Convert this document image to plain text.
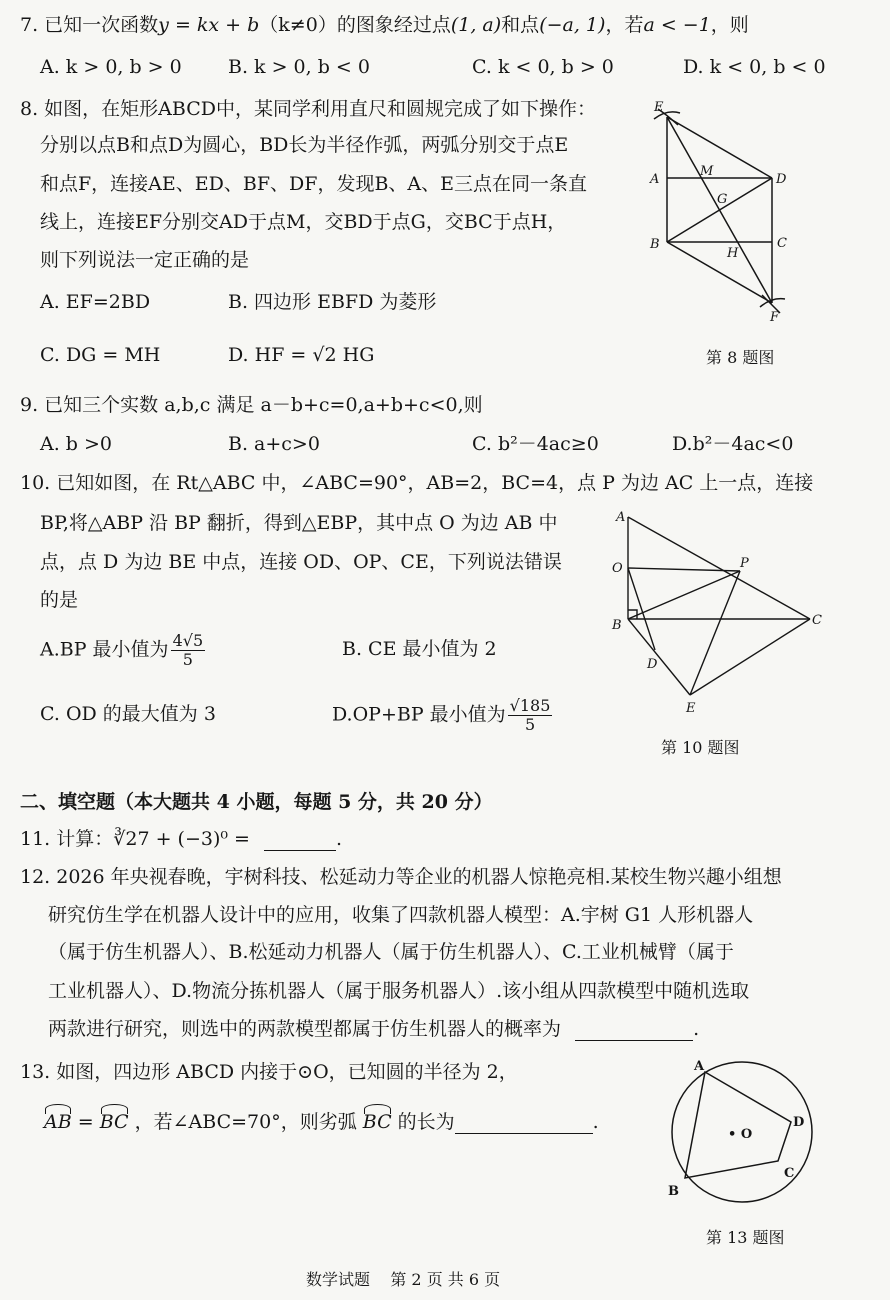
7. 已知一次函数y = kx + b（k≠0）的图象经过点(1, a)和点(−a, 1)，若a < −1，则
A. k > 0, b > 0 B. k > 0, b < 0	C. k < 0, b > 0	D. k < 0, b < 0
8. 如图，在矩形ABCD中，某同学利用直尺和圆规完成了如下操作：
分别以点B和点D为圆心，BD长为半径作弧，两弧分别交于点E
和点F，连接AE、ED、BF、DF，发现B、A、E三点在同一条直
线上，连接EF分别交AD于点M，交BD于点G，交BC于点H，
则下列说法一定正确的是
A. EF=2BD	B. 四边形 EBFD 为菱形
C. DG = MH	D. HF = √2 HG
E
A
M
D
G
B
H
C
F
第 8 题图
9. 已知三个实数 a,b,c 满足 a－b+c=0,a+b+c<0,则
A. b >0	B. a+c>0	C. b²－4ac≥0	D.b²－4ac<0
10. 已知如图，在 Rt△ABC 中，∠ABC=90°，AB=2，BC=4，点 P 为边 AC 上一点，连接
BP,将△ABP 沿 BP 翻折，得到△EBP，其中点 O 为边 AB 中
点，点 D 为边 BE 中点，连接 OD、OP、CE，下列说法错误
的是
A.BP 最小值为 $\frac{4√5}{5}$	B. CE 最小值为 2
C. OD 的最大值为 3	D.OP+BP 最小值为 $\frac{√185}{5}$
A
O	P
B	C
D
E
第 10 题图
二、填空题（本大题共 4 小题，每题 5 分，共 20 分）
11. 计算：∛27 + (−3)⁰ =	.
12. 2026 年央视春晚，宇树科技、松延动力等企业的机器人惊艳亮相.某校生物兴趣小组想
研究仿生学在机器人设计中的应用，收集了四款机器人模型：A.宇树 G1 人形机器人
（属于仿生机器人）、B.松延动力机器人（属于仿生机器人）、C.工业机械臂（属于
工业机器人）、D.物流分拣机器人（属于服务机器人）.该小组从四款模型中随机选取
两款进行研究，则选中的两款模型都属于仿生机器人的概率为	.
13. 如图，四边形 ABCD 内接于⊙O，已知圆的半径为 2，
AB = BC ，若∠ABC=70°，则劣弧 BC 的长为	.
A
• O
D
C
B
第 13 题图
数学试题    第 2 页 共 6 页
